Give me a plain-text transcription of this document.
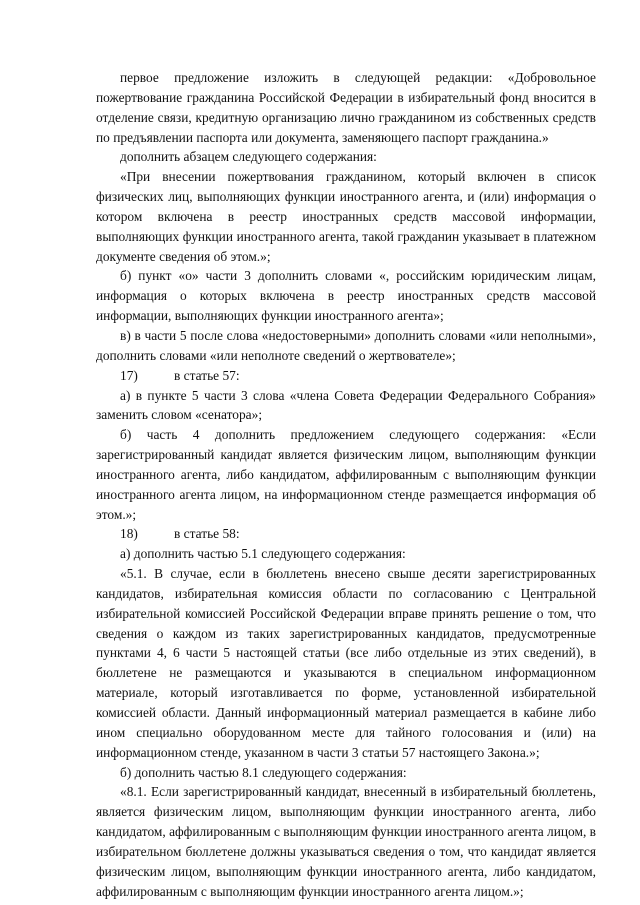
первое предложение изложить в следующей редакции: «Добровольное пожертвование гражданина Российской Федерации в избирательный фонд вносится в отделение связи, кредитную организацию лично гражданином из собственных средств по предъявлении паспорта или документа, заменяющего паспорт гражданина.»

дополнить абзацем следующего содержания:

«При внесении пожертвования гражданином, который включен в список физических лиц, выполняющих функции иностранного агента, и (или) информация о котором включена в реестр иностранных средств массовой информации, выполняющих функции иностранного агента, такой гражданин указывает в платежном документе сведения об этом.»;

б) пункт «о» части 3 дополнить словами «, российским юридическим лицам, информация о которых включена в реестр иностранных средств массовой информации, выполняющих функции иностранного агента»;

в) в части 5 после слова «недостоверными» дополнить словами «или неполными», дополнить словами «или неполноте сведений о жертвователе»;

17)	в статье 57:

а) в пункте 5 части 3 слова «члена Совета Федерации Федерального Собрания» заменить словом «сенатора»;

б) часть 4 дополнить предложением следующего содержания: «Если зарегистрированный кандидат является физическим лицом, выполняющим функции иностранного агента, либо кандидатом, аффилированным с выполняющим функции иностранного агента лицом, на информационном стенде размещается информация об этом.»;

18)	в статье 58:

а) дополнить частью 5.1 следующего содержания:

«5.1. В случае, если в бюллетень внесено свыше десяти зарегистрированных кандидатов, избирательная комиссия области по согласованию с Центральной избирательной комиссией Российской Федерации вправе принять решение о том, что сведения о каждом из таких зарегистрированных кандидатов, предусмотренные пунктами 4, 6 части 5 настоящей статьи (все либо отдельные из этих сведений), в бюллетене не размещаются и указываются в специальном информационном материале, который изготавливается по форме, установленной избирательной комиссией области. Данный информационный материал размещается в кабине либо ином специально оборудованном месте для тайного голосования и (или) на информационном стенде, указанном в части 3 статьи 57 настоящего Закона.»;

б) дополнить частью 8.1 следующего содержания:

«8.1. Если зарегистрированный кандидат, внесенный в избирательный бюллетень, является физическим лицом, выполняющим функции иностранного агента, либо кандидатом, аффилированным с выполняющим функции иностранного агента лицом, в избирательном бюллетене должны указываться сведения о том, что кандидат является физическим лицом, выполняющим функции иностранного агента, либо кандидатом, аффилированным с выполняющим функции иностранного агента лицом.»;
